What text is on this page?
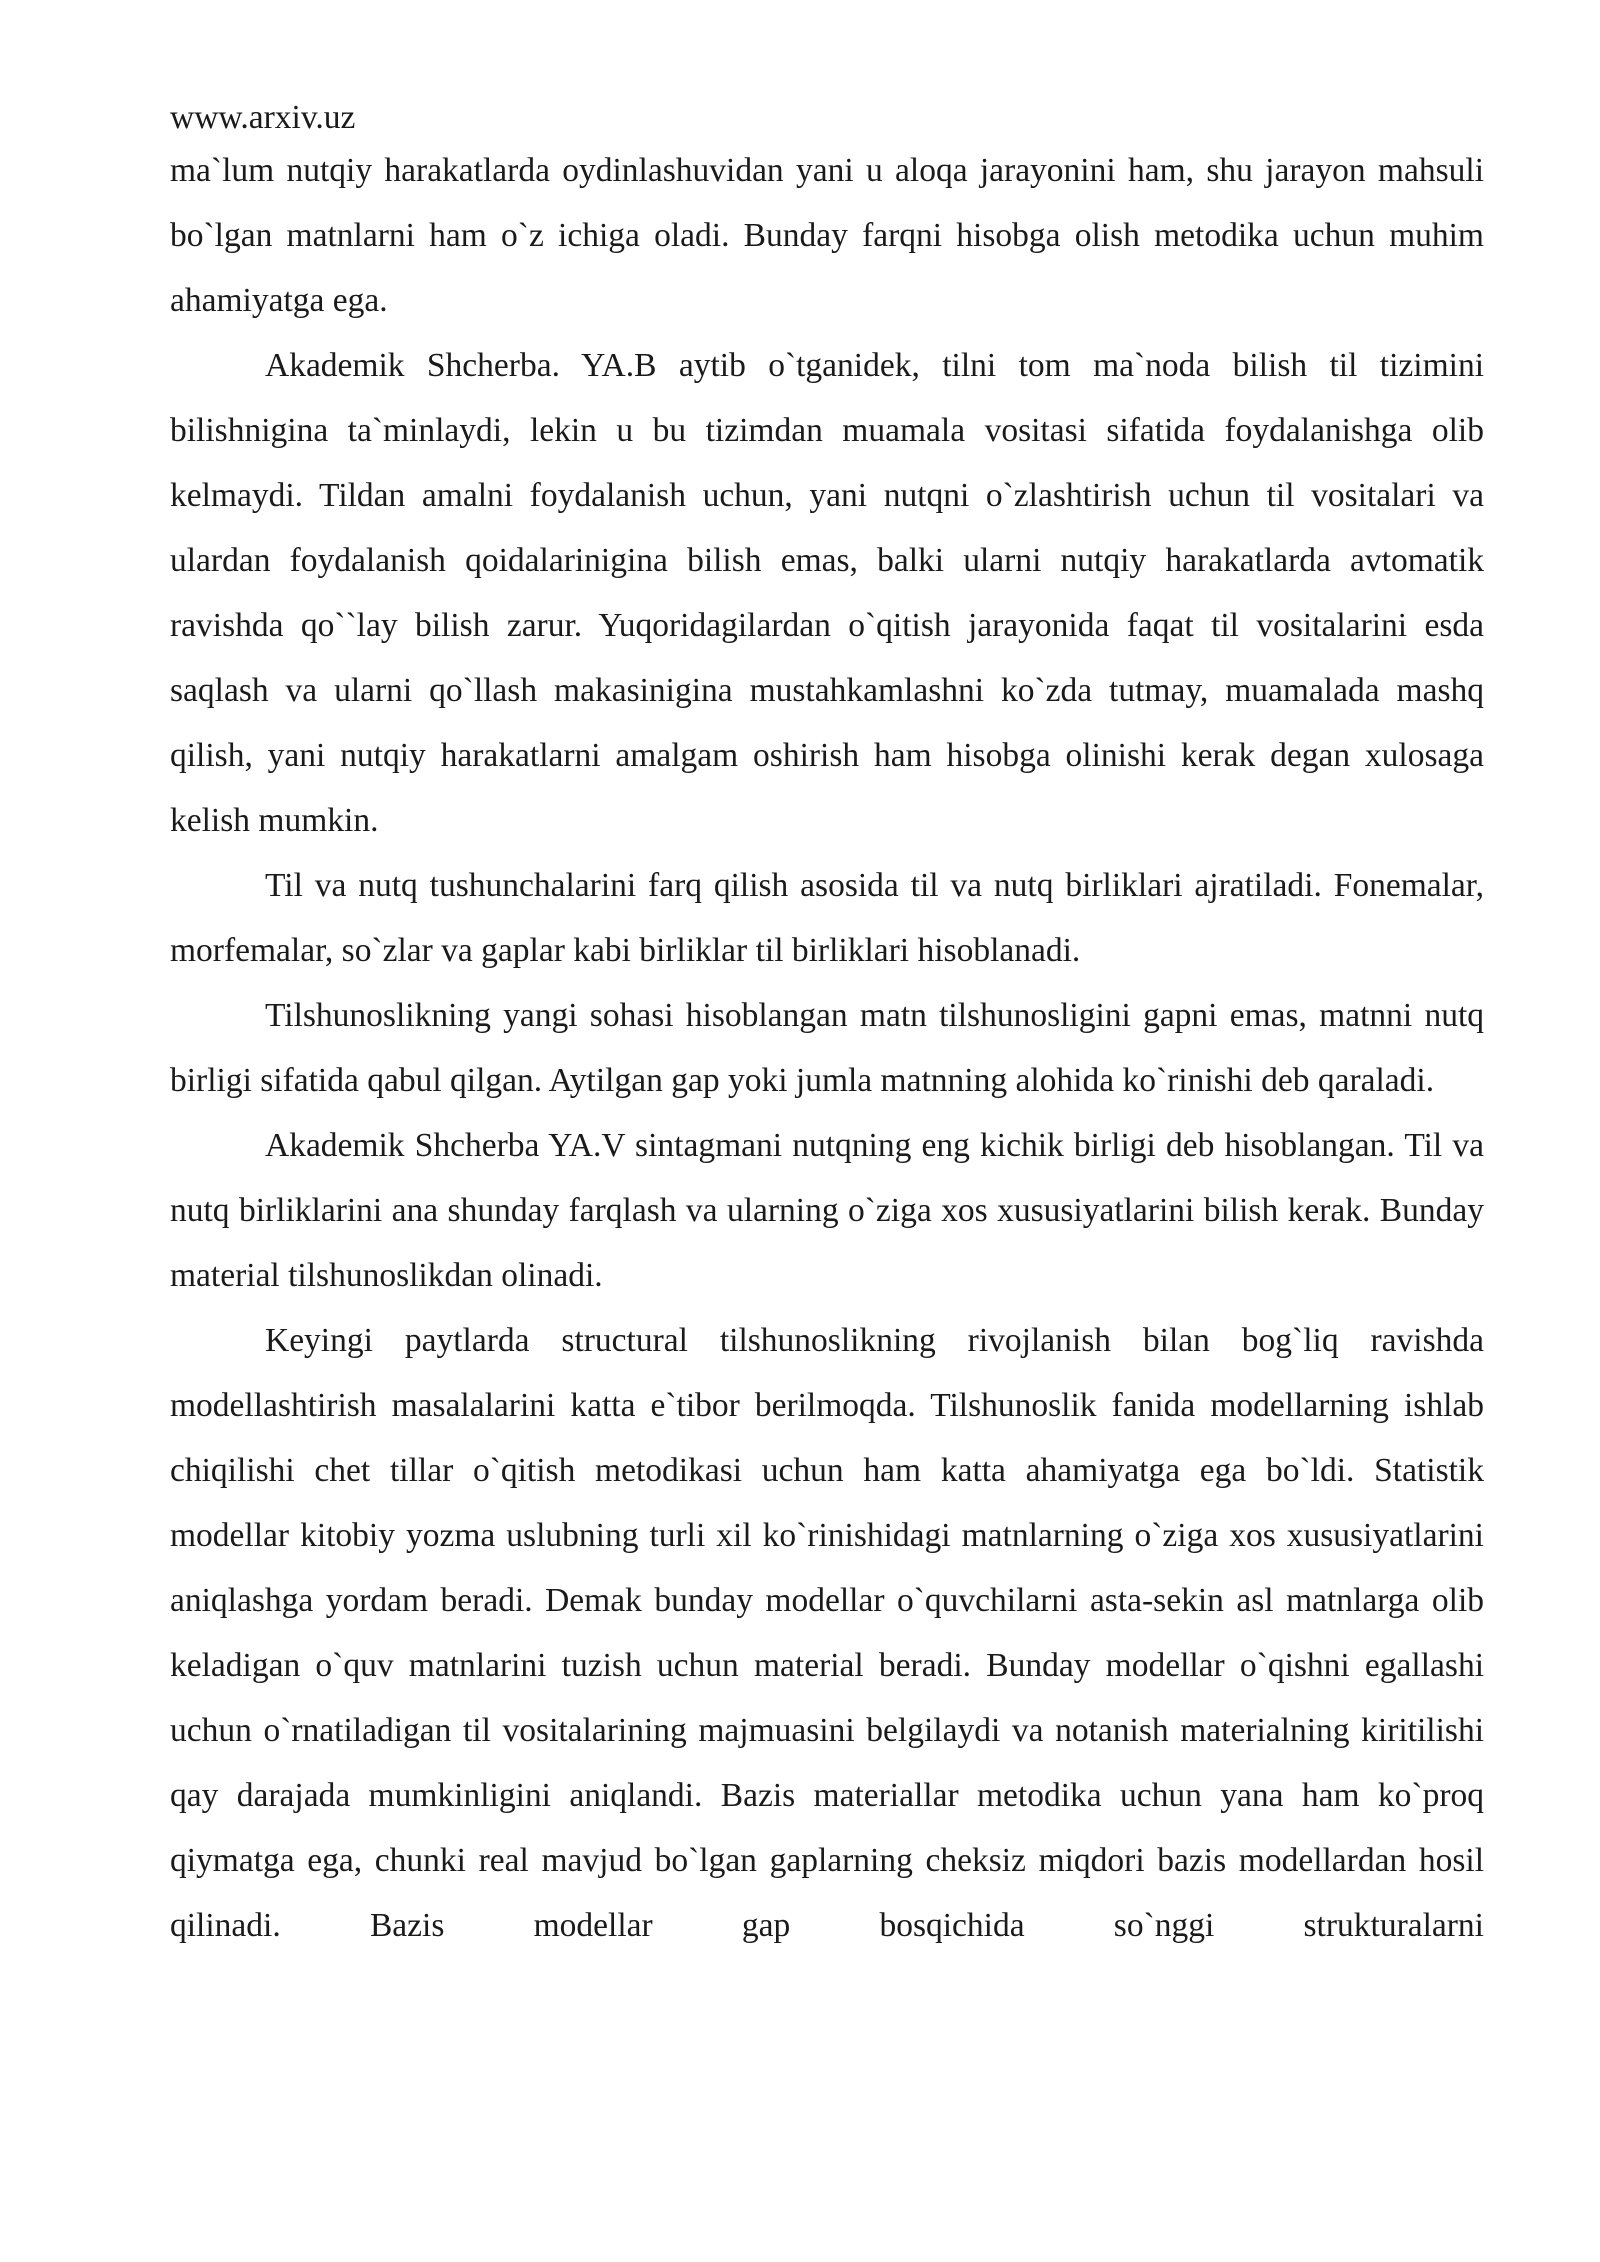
www.arxiv.uz

ma`lum nutqiy harakatlarda oydinlashuvidan yani u aloqa jarayonini ham, shu jarayon mahsuli bo`lgan matnlarni ham o`z ichiga oladi. Bunday farqni hisobga olish metodika uchun muhim ahamiyatga ega.

Akademik Shcherba. YA.B aytib o`tganidek, tilni tom ma`noda bilish til tizimini bilishnigina ta`minlaydi, lekin u bu tizimdan muamala vositasi sifatida foydalanishga olib kelmaydi. Tildan amalni foydalanish uchun, yani nutqni o`zlashtirish uchun til vositalari va ulardan foydalanish qoidalarinigina bilish emas, balki ularni nutqiy harakatlarda avtomatik ravishda qo``lay bilish zarur. Yuqoridagilardan o`qitish jarayonida faqat til vositalarini esda saqlash va ularni qo`llash makasinigina mustahkamlashni ko`zda tutmay, muamalada mashq qilish, yani nutqiy harakatlarni amalgam oshirish ham hisobga olinishi kerak degan xulosaga kelish mumkin.

Til va nutq tushunchalarini farq qilish asosida til va nutq birliklari ajratiladi. Fonemalar, morfemalar, so`zlar va gaplar kabi birliklar til birliklari hisoblanadi.

Tilshunoslikning yangi sohasi hisoblangan matn tilshunosligini gapni emas, matnni nutq birligi sifatida qabul qilgan. Aytilgan gap yoki jumla matnning alohida ko`rinishi deb qaraladi.

Akademik Shcherba YA.V sintagmani nutqning eng kichik birligi deb hisoblangan. Til va nutq birliklarini ana shunday farqlash va ularning o`ziga xos xususiyatlarini bilish kerak. Bunday material tilshunoslikdan olinadi.

Keyingi paytlarda structural tilshunoslikning rivojlanish bilan bog`liq ravishda modellashtirish masalalarini katta e`tibor berilmoqda. Tilshunoslik fanida modellarning ishlab chiqilishi chet tillar o`qitish metodikasi uchun ham katta ahamiyatga ega bo`ldi. Statistik modellar kitobiy yozma uslubning turli xil ko`rinishidagi matnlarning o`ziga xos xususiyatlarini aniqlashga yordam beradi. Demak bunday modellar o`quvchilarni asta-sekin asl matnlarga olib keladigan o`quv matnlarini tuzish uchun material beradi. Bunday modellar o`qishni egallashi uchun o`rnatiladigan til vositalarining majmuasini belgilaydi va notanish materialning kiritilishi qay darajada mumkinligini aniqlandi. Bazis materiallar metodika uchun yana ham ko`proq qiymatga ega, chunki real mavjud bo`lgan gaplarning cheksiz miqdori bazis modellardan hosil qilinadi. Bazis modellar gap bosqichida so`nggi strukturalarni
